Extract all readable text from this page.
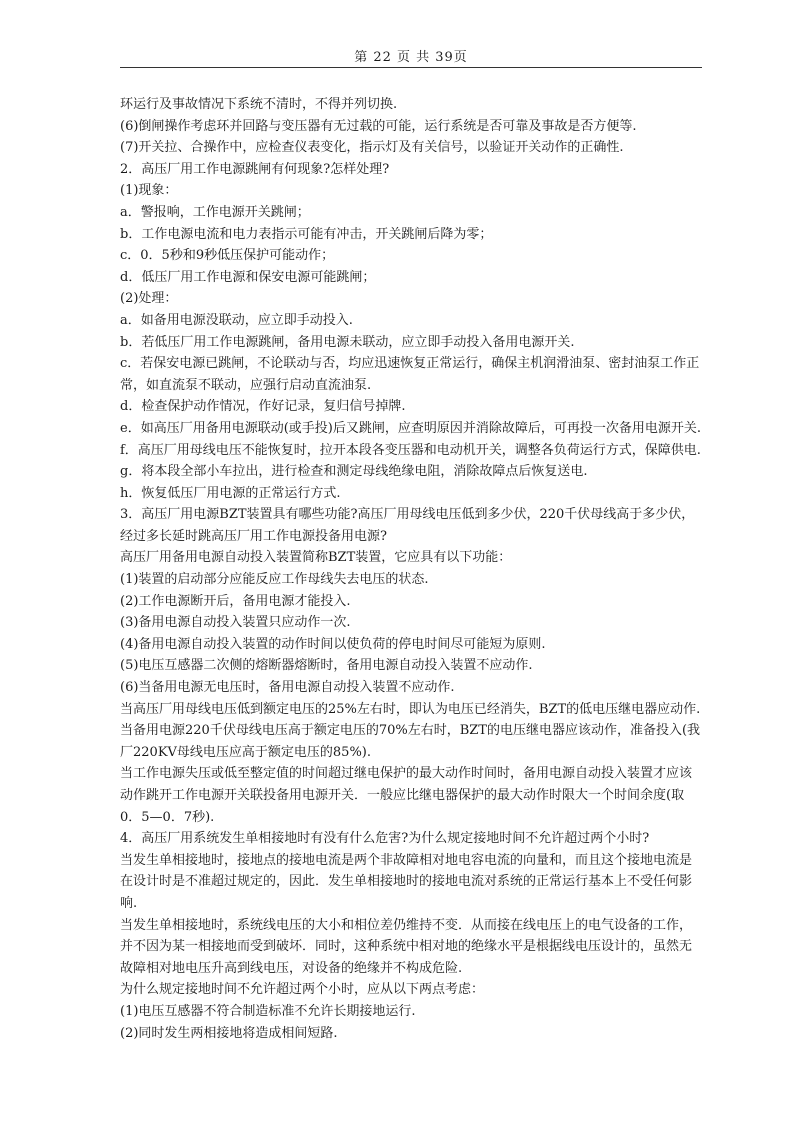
第 22 页 共 39页

环运行及事故情况下系统不清时，不得并列切换.

(6)倒闸操作考虑环并回路与变压器有无过载的可能，运行系统是否可靠及事故是否方便等.

(7)开关拉、合操作中，应检查仪表变化，指示灯及有关信号，以验证开关动作的正确性.

2．高压厂用工作电源跳闸有何现象?怎样处理?

(1)现象：

a．警报响，工作电源开关跳闸；

b．工作电源电流和电力表指示可能有冲击，开关跳闸后降为零；

c．0．5秒和9秒低压保护可能动作；

d．低压厂用工作电源和保安电源可能跳闸；

(2)处理：

a．如备用电源没联动，应立即手动投入.

b．若低压厂用工作电源跳闸，备用电源未联动，应立即手动投入备用电源开关.

c．若保安电源已跳闸，不论联动与否，均应迅速恢复正常运行，确保主机润滑油泵、密封油泵工作正常，如直流泵不联动，应强行启动直流油泵.

d．检查保护动作情况，作好记录，复归信号掉牌.

e．如高压厂用备用电源联动(或手投)后又跳闸，应查明原因并消除故障后，可再投一次备用电源开关.

f．高压厂用母线电压不能恢复时，拉开本段各变压器和电动机开关，调整各负荷运行方式，保障供电.

g．将本段全部小车拉出，进行检查和测定母线绝缘电阻，消除故障点后恢复送电.

h．恢复低压厂用电源的正常运行方式.

3．高压厂用电源BZT装置具有哪些功能?高压厂用母线电压低到多少伏，220千伏母线高于多少伏，经过多长延时跳高压厂用工作电源投备用电源?

高压厂用备用电源自动投入装置简称BZT装置，它应具有以下功能：

(1)装置的启动部分应能反应工作母线失去电压的状态.

(2)工作电源断开后，备用电源才能投入.

(3)备用电源自动投入装置只应动作一次.

(4)备用电源自动投入装置的动作时间以使负荷的停电时间尽可能短为原则.

(5)电压互感器二次侧的熔断器熔断时，备用电源自动投入装置不应动作.

(6)当备用电源无电压时，备用电源自动投入装置不应动作.

当高压厂用母线电压低到额定电压的25%左右时，即认为电压已经消失，BZT的低电压继电器应动作.

当备用电源220千伏母线电压高于额定电压的70%左右时，BZT的电压继电器应该动作，准备投入(我厂220KV母线电压应高于额定电压的85%).

当工作电源失压或低至整定值的时间超过继电保护的最大动作时间时，备用电源自动投入装置才应该动作跳开工作电源开关联投备用电源开关．一般应比继电器保护的最大动作时限大一个时间余度(取0．5—0．7秒).

4．高压厂用系统发生单相接地时有没有什么危害?为什么规定接地时间不允许超过两个小时?

当发生单相接地时，接地点的接地电流是两个非故障相对地电容电流的向量和，而且这个接地电流是在设计时是不准超过规定的，因此．发生单相接地时的接地电流对系统的正常运行基本上不受任何影响.

当发生单相接地时，系统线电压的大小和相位差仍维持不变．从而接在线电压上的电气设备的工作，并不因为某一相接地而受到破坏．同时，这种系统中相对地的绝缘水平是根据线电压设计的，虽然无故障相对地电压升高到线电压，对设备的绝缘并不构成危险.

为什么规定接地时间不允许超过两个小时，应从以下两点考虑：

(1)电压互感器不符合制造标准不允许长期接地运行.

(2)同时发生两相接地将造成相间短路.
